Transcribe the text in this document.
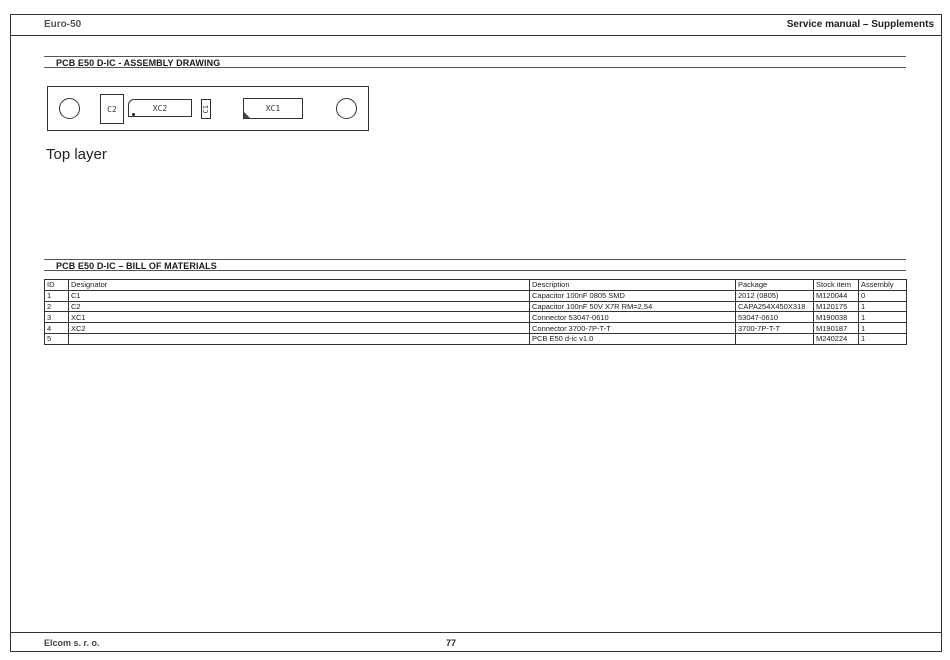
Euro-50	Service manual – Supplements
PCB E50 D-IC - ASSEMBLY DRAWING
C2	XC2	C1	XC1
Top layer
PCB E50 D-IC – BILL OF MATERIALS
ID	Designator	Description	Package	Stock item	Assembly
1	C1	Capacitor 100nF 0805 SMD	2012 (0805)	M120044	0
2	C2	Capacitor 100nF 50V X7R RM=2,54	CAPA254X450X318	M120175	1
3	XC1	Connector 53047-0610	53047-0610	M190038	1
4	XC2	Connector 3700-7P-T-T	3700-7P-T-T	M190187	1
5		PCB E50 d-ic v1.0		M240224	1
Elcom s. r. o.	77
